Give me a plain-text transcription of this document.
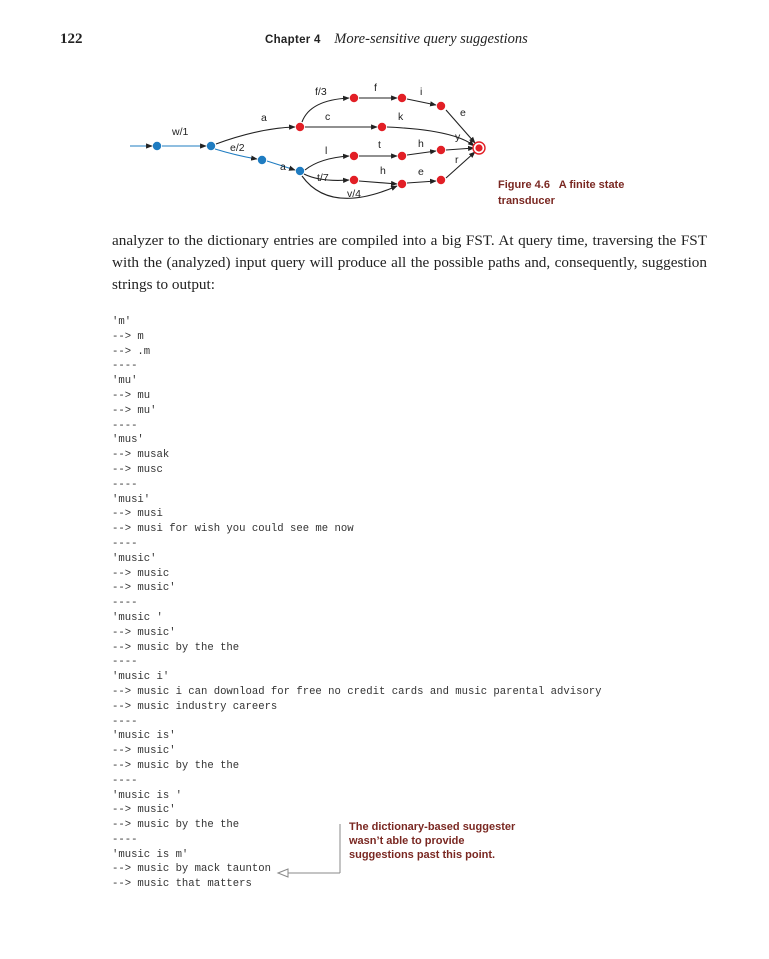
122	Chapter 4 More-sensitive query suggestions
w/1
a
e/2
a
f/3
c
l
t/7
v/4
f	i
e
k
t	h
y
h	e
r
Figure 4.6 A finite state transducer
analyzer to the dictionary entries are compiled into a big FST. At query time, traversing the FST with the (analyzed) input query will produce all the possible paths and, consequently, suggestion strings to output:
'm'
--> m
--> .m
----
'mu'
--> mu
--> mu'
----
'mus'
--> musak
--> musc
----
'musi'
--> musi
--> musi for wish you could see me now
----
'music'
--> music
--> music'
----
'music '
--> music'
--> music by the the
----
'music i'
--> music i can download for free no credit cards and music parental advisory
--> music industry careers
----
'music is'
--> music'
--> music by the the
----
'music is '
--> music'
--> music by the the
----
'music is m'
--> music by mack taunton
--> music that matters
The dictionary-based suggester wasn’t able to provide suggestions past this point.
